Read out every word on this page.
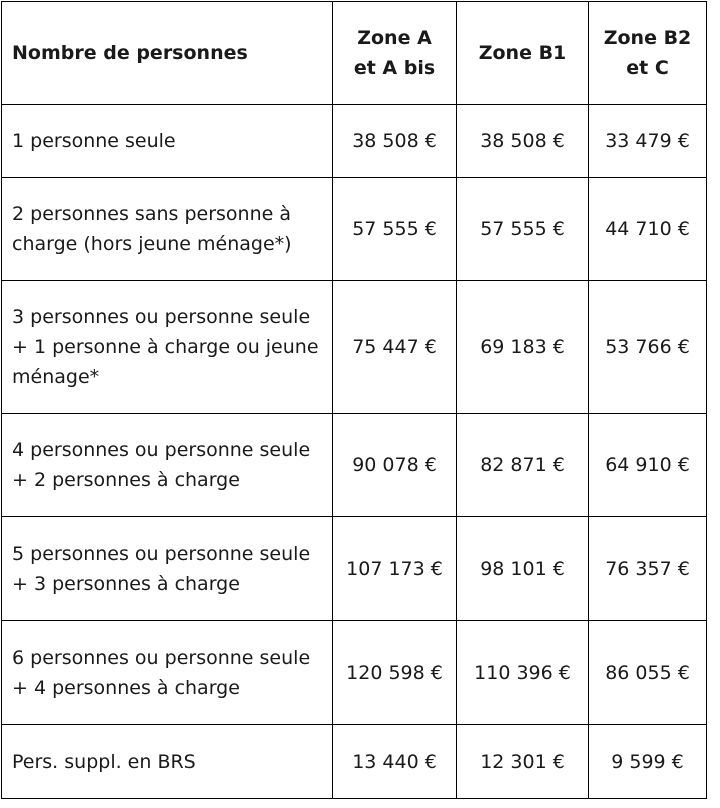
Nombre de personnes	Zone A et A bis	Zone B1	Zone B2 et C
1 personne seule	38 508 €	38 508 €	33 479 €
2 personnes sans personne à charge (hors jeune ménage*)	57 555 €	57 555 €	44 710 €
3 personnes ou personne seule + 1 personne à charge ou jeune ménage*	75 447 €	69 183 €	53 766 €
4 personnes ou personne seule + 2 personnes à charge	90 078 €	82 871 €	64 910 €
5 personnes ou personne seule + 3 personnes à charge	107 173 €	98 101 €	76 357 €
6 personnes ou personne seule + 4 personnes à charge	120 598 €	110 396 €	86 055 €
Pers. suppl. en BRS	13 440 €	12 301 €	9 599 €
